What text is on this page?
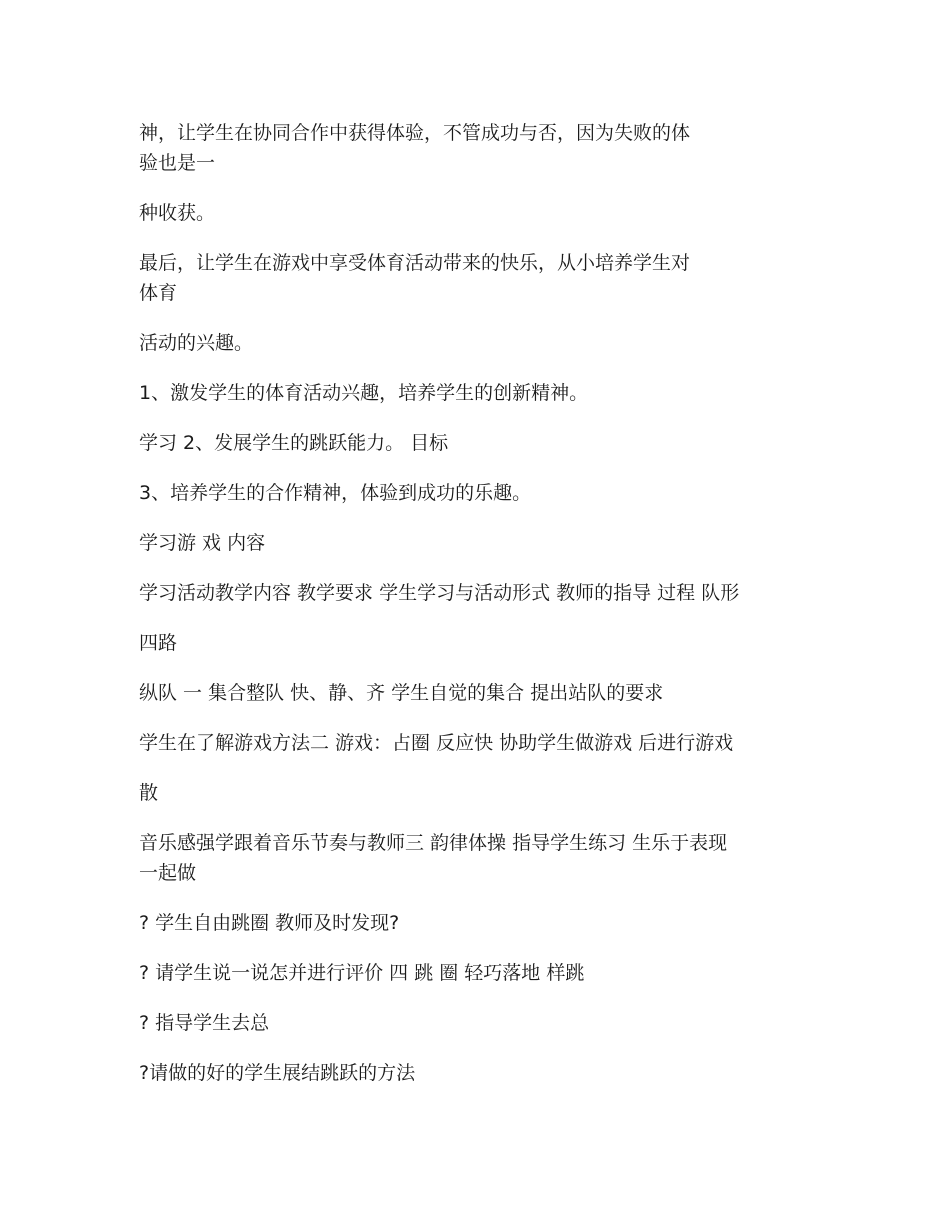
神，让学生在协同合作中获得体验，不管成功与否，因为失败的体
验也是一

种收获。

最后，让学生在游戏中享受体育活动带来的快乐，从小培养学生对
体育

活动的兴趣。

1、激发学生的体育活动兴趣，培养学生的创新精神。

学习 2、发展学生的跳跃能力。 目标

3、培养学生的合作精神，体验到成功的乐趣。

学习游 戏 内容

学习活动教学内容 教学要求 学生学习与活动形式 教师的指导 过程 队形

四路

纵队 一 集合整队 快、静、齐 学生自觉的集合 提出站队的要求

学生在了解游戏方法二 游戏：占圈 反应快 协助学生做游戏 后进行游戏

散

音乐感强学跟着音乐节奏与教师三 韵律体操 指导学生练习 生乐于表现
一起做

? 学生自由跳圈 教师及时发现?

? 请学生说一说怎并进行评价 四 跳 圈 轻巧落地 样跳

? 指导学生去总

?请做的好的学生展结跳跃的方法
